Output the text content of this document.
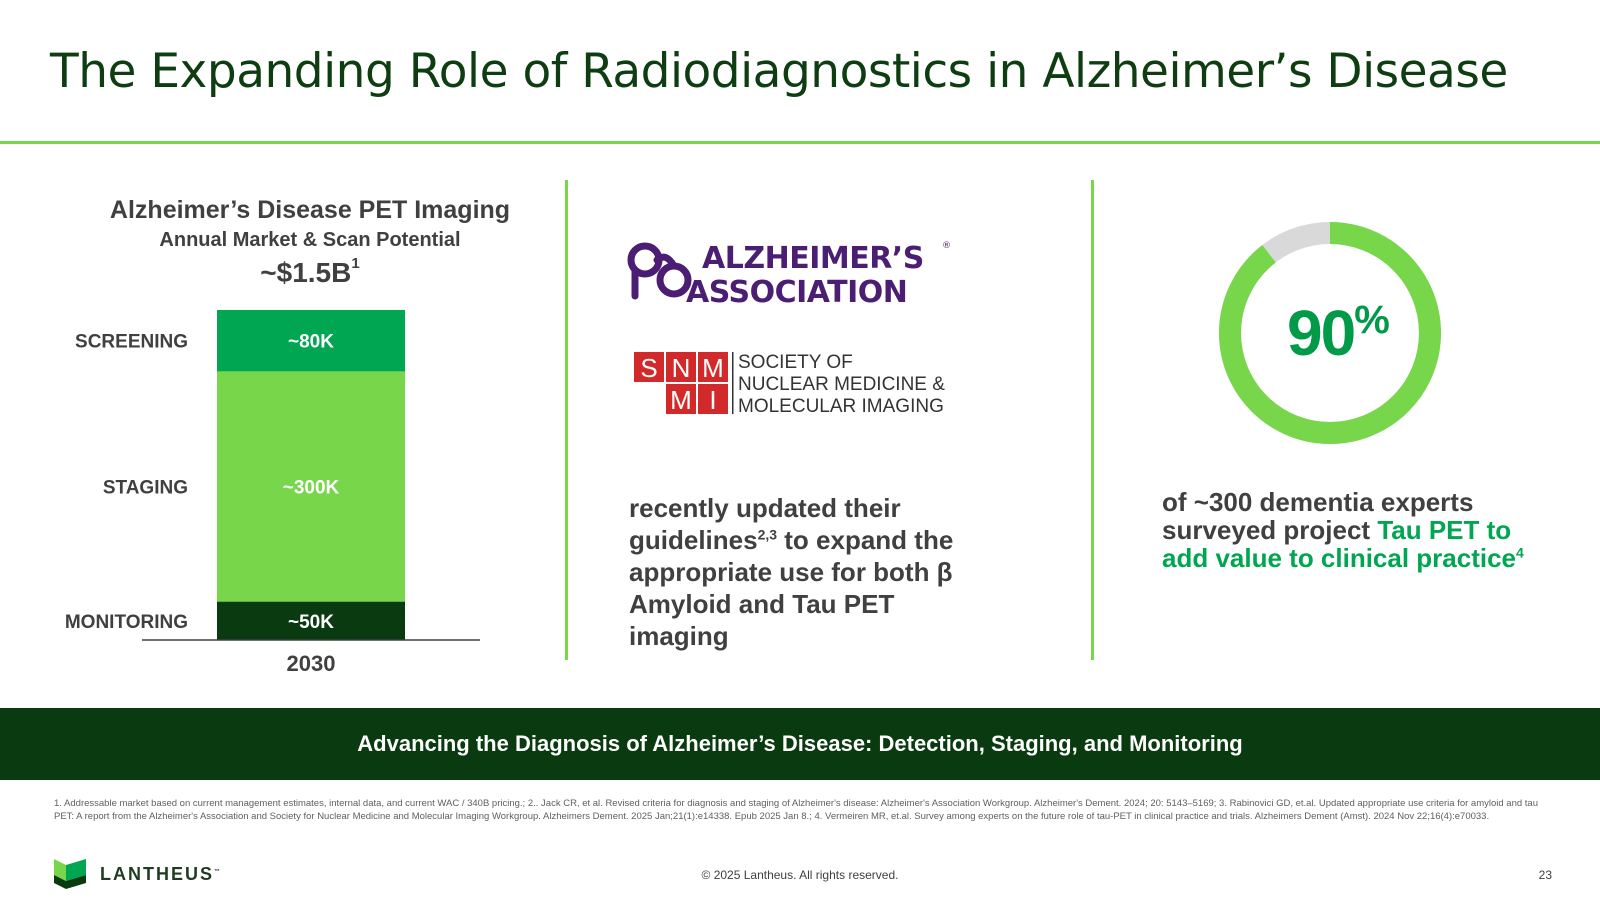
The Expanding Role of Radiodiagnostics in Alzheimer’s Disease
Alzheimer’s Disease PET Imaging
Annual Market & Scan Potential
$\sim\$1.5B^1$
~50K
MONITORING
~300K
STAGING
~80K
SCREENING
2030
ALZHEIMER’S ®
ASSOCIATION
S N M
M I
SOCIETY OF
NUCLEAR MEDICINE &
MOLECULAR IMAGING
recently updated their guidelines$^{2,3}$ to expand the appropriate use for both β Amyloid and Tau PET imaging
90%
of ~300 dementia experts surveyed project Tau PET to add value to clinical practice$^4$
Advancing the Diagnosis of Alzheimer’s Disease: Detection, Staging, and Monitoring
1. Addressable market based on current management estimates, internal data, and current WAC / 340B pricing.; 2.. Jack CR, et al. Revised criteria for diagnosis and staging of Alzheimer's disease: Alzheimer's Association Workgroup. Alzheimer's Dement. 2024; 20: 5143–5169; 3. Rabinovici GD, et.al. Updated appropriate use criteria for amyloid and tau PET: A report from the Alzheimer's Association and Society for Nuclear Medicine and Molecular Imaging Workgroup. Alzheimers Dement. 2025 Jan;21(1):e14338. Epub 2025 Jan 8.; 4. Vermeiren MR, et.al. Survey among experts on the future role of tau-PET in clinical practice and trials. Alzheimers Dement (Amst). 2024 Nov 22;16(4):e70033.
LANTHEUS™	© 2025 Lantheus. All rights reserved.	23
